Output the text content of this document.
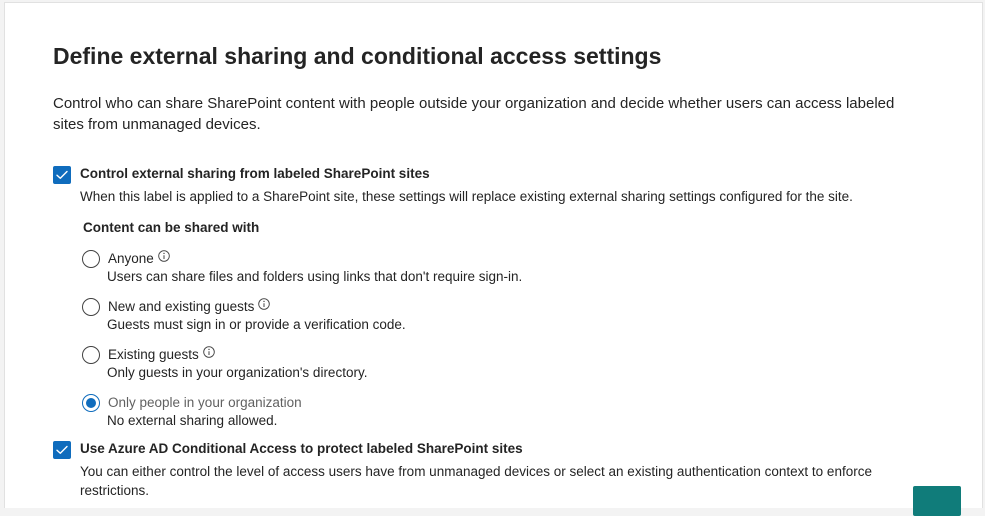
Define external sharing and conditional access settings
Control who can share SharePoint content with people outside your organization and decide whether users can access labeled sites from unmanaged devices.
Control external sharing from labeled SharePoint sites
When this label is applied to a SharePoint site, these settings will replace existing external sharing settings configured for the site.
Content can be shared with
Anyone
Users can share files and folders using links that don't require sign-in.
New and existing guests
Guests must sign in or provide a verification code.
Existing guests
Only guests in your organization's directory.
Only people in your organization
No external sharing allowed.
Use Azure AD Conditional Access to protect labeled SharePoint sites
You can either control the level of access users have from unmanaged devices or select an existing authentication context to enforce restrictions.
